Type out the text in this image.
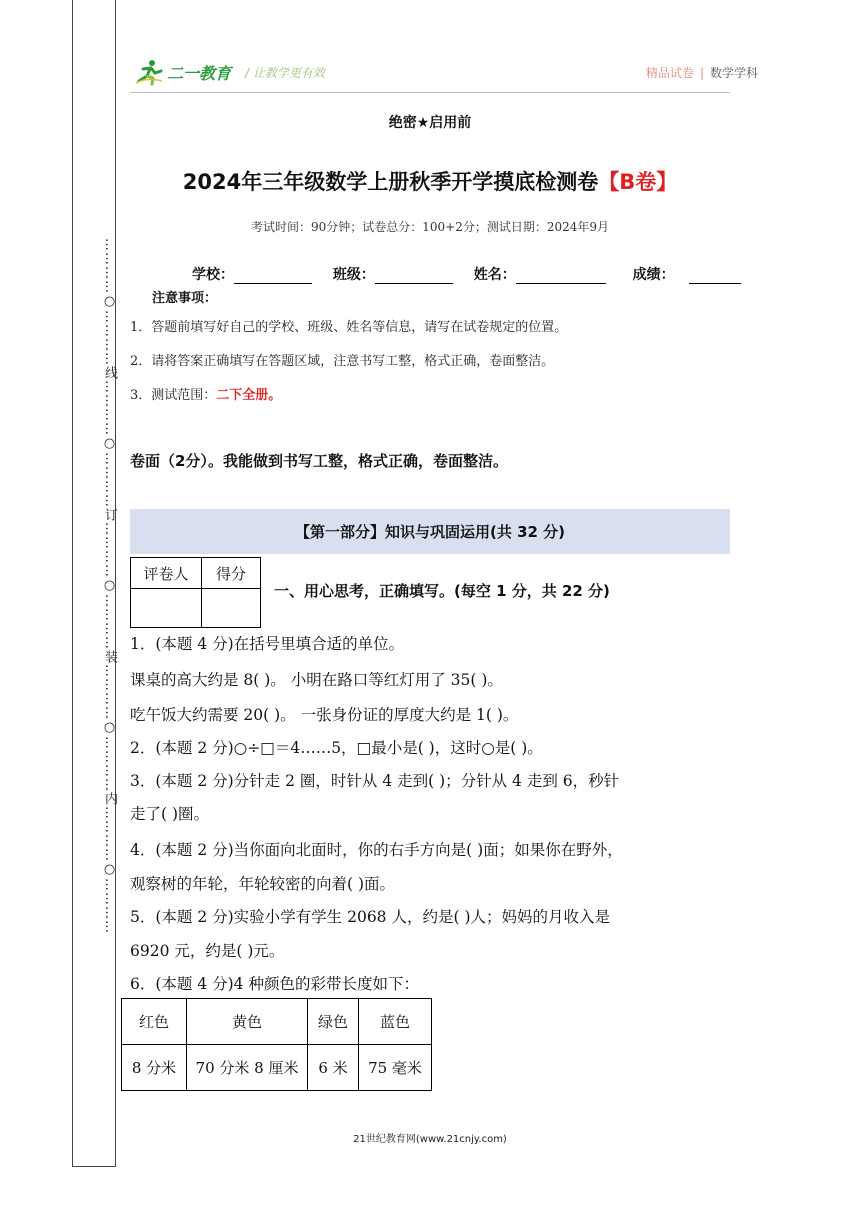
…………○…………线…………○…………订…………○…………装…………○…………内…………○…………
二一教育 / 让教学更有效	精品试卷 | 数学学科
绝密★启用前
2024年三年级数学上册秋季开学摸底检测卷【B卷】
考试时间：90分钟；试卷总分：100+2分；测试日期：2024年9月
学校：	班级：	姓名：	成绩：
注意事项：
1．答题前填写好自己的学校、班级、姓名等信息，请写在试卷规定的位置。
2．请将答案正确填写在答题区域，注意书写工整，格式正确，卷面整洁。
3．测试范围：二下全册。
卷面（2分）。我能做到书写工整，格式正确，卷面整洁。
【第一部分】知识与巩固运用(共 32 分)
评卷人	得分

一、用心思考，正确填写。(每空 1 分，共 22 分)
1．(本题 4 分)在括号里填合适的单位。
课桌的高大约是 8( )。 小明在路口等红灯用了 35( )。
吃午饭大约需要 20( )。 一张身份证的厚度大约是 1( )。
2．(本题 2 分)○÷□＝4……5，□最小是( )，这时○是( )。
3．(本题 2 分)分针走 2 圈，时针从 4 走到( )；分针从 4 走到 6，秒针
走了( )圈。
4．(本题 2 分)当你面向北面时，你的右手方向是( )面；如果你在野外，
观察树的年轮，年轮较密的向着( )面。
5．(本题 2 分)实验小学有学生 2068 人，约是( )人；妈妈的月收入是
6920 元，约是( )元。
6．(本题 4 分)4 种颜色的彩带长度如下：
红色	黄色	绿色	蓝色
8 分米	70 分米 8 厘米	6 米	75 毫米
21世纪教育网(www.21cnjy.com)
